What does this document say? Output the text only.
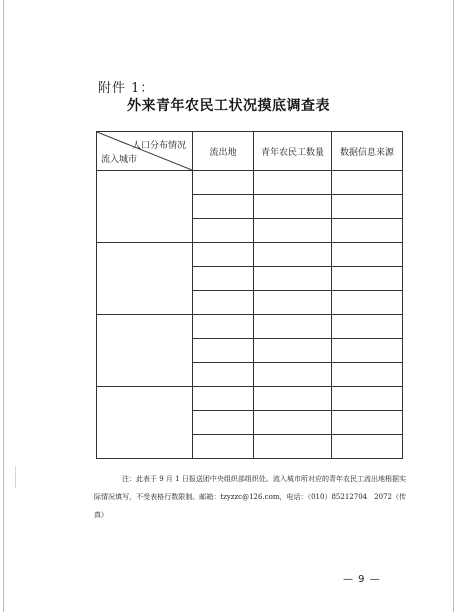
附件 1：
外来青年农民工状况摸底调查表
人口分布情况
流入城市	流出地	青年农民工数量	数据信息来源

注：此表于 9 月 1 日报送团中央组织部组织处。流入城市所对应的青年农民工流出地根据实际情况填写，不受表格行数限制。邮箱：tzyzzc@126.com，电话：（010）85212704　2072（传真）
— 9 —
